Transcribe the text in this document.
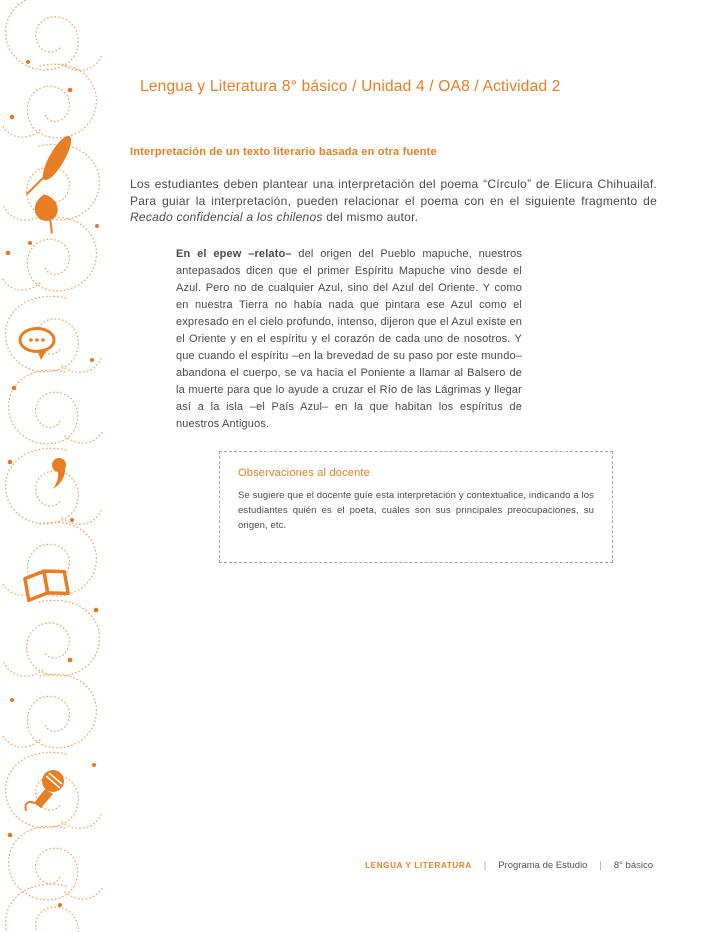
Lengua y Literatura 8° básico / Unidad 4 / OA8 / Actividad 2
Interpretación de un texto literario basada en otra fuente

Los estudiantes deben plantear una interpretación del poema “Círculo” de Elicura Chihuailaf. Para guiar la interpretación, pueden relacionar el poema con en el siguiente fragmento de Recado confidencial a los chilenos del mismo autor.

En el epew –relato– del origen del Pueblo mapuche, nuestros antepasados dicen que el primer Espíritu Mapuche vino desde el Azul. Pero no de cualquier Azul, sino del Azul del Oriente. Y como en nuestra Tierra no había nada que pintara ese Azul como el expresado en el cielo profundo, intenso, dijeron que el Azul existe en el Oriente y en el espíritu y el corazón de cada uno de nosotros. Y que cuando el espíritu –en la brevedad de su paso por este mundo– abandona el cuerpo, se va hacia el Poniente a llamar al Balsero de la muerte para que lo ayude a cruzar el Río de las Lágrimas y llegar así a la isla –el País Azul– en la que habitan los espíritus de nuestros Antiguos.
Observaciones al docente

Se sugiere que el docente guíe esta interpretación y contextualice, indicando a los estudiantes quién es el poeta, cuáles son sus principales preocupaciones, su origen, etc.

LENGUA Y LITERATURA | Programa de Estudio | 8° básico
